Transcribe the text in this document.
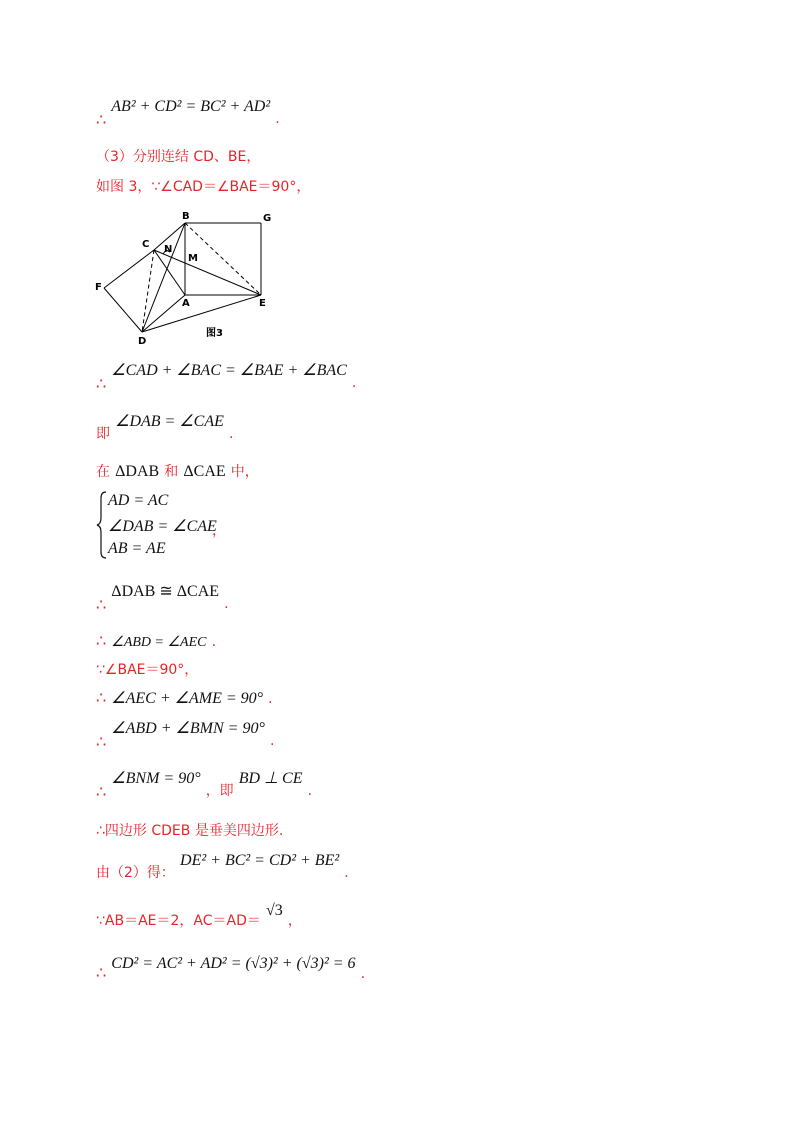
∴ AB² + CD² = BC² + AD² .
（3）分别连结 CD、BE，
如图 3，∵∠CAD＝∠BAE＝90°，
B	G
C N
M
F
A	E
D
图3
∴ ∠CAD + ∠BAC = ∠BAE + ∠BAC .
即 ∠DAB = ∠CAE .
在 ΔDAB 和 ΔCAE 中，
AD = AC
∠DAB = ∠CAE
AB = AE
，
∴ ΔDAB ≅ ΔCAE .
∴ ∠ABD = ∠AEC .
∵∠BAE＝90°，
∴ ∠AEC + ∠AME = 90° .
∴ ∠ABD + ∠BMN = 90° .
∴ ∠BNM = 90° ，即 BD ⊥ CE .
∴四边形 CDEB 是垂美四边形.
由（2）得： DE² + BC² = CD² + BE² .
∵AB＝AE＝2，AC＝AD＝ √3 ，
∴ CD² = AC² + AD² = (√3)² + (√3)² = 6 .
